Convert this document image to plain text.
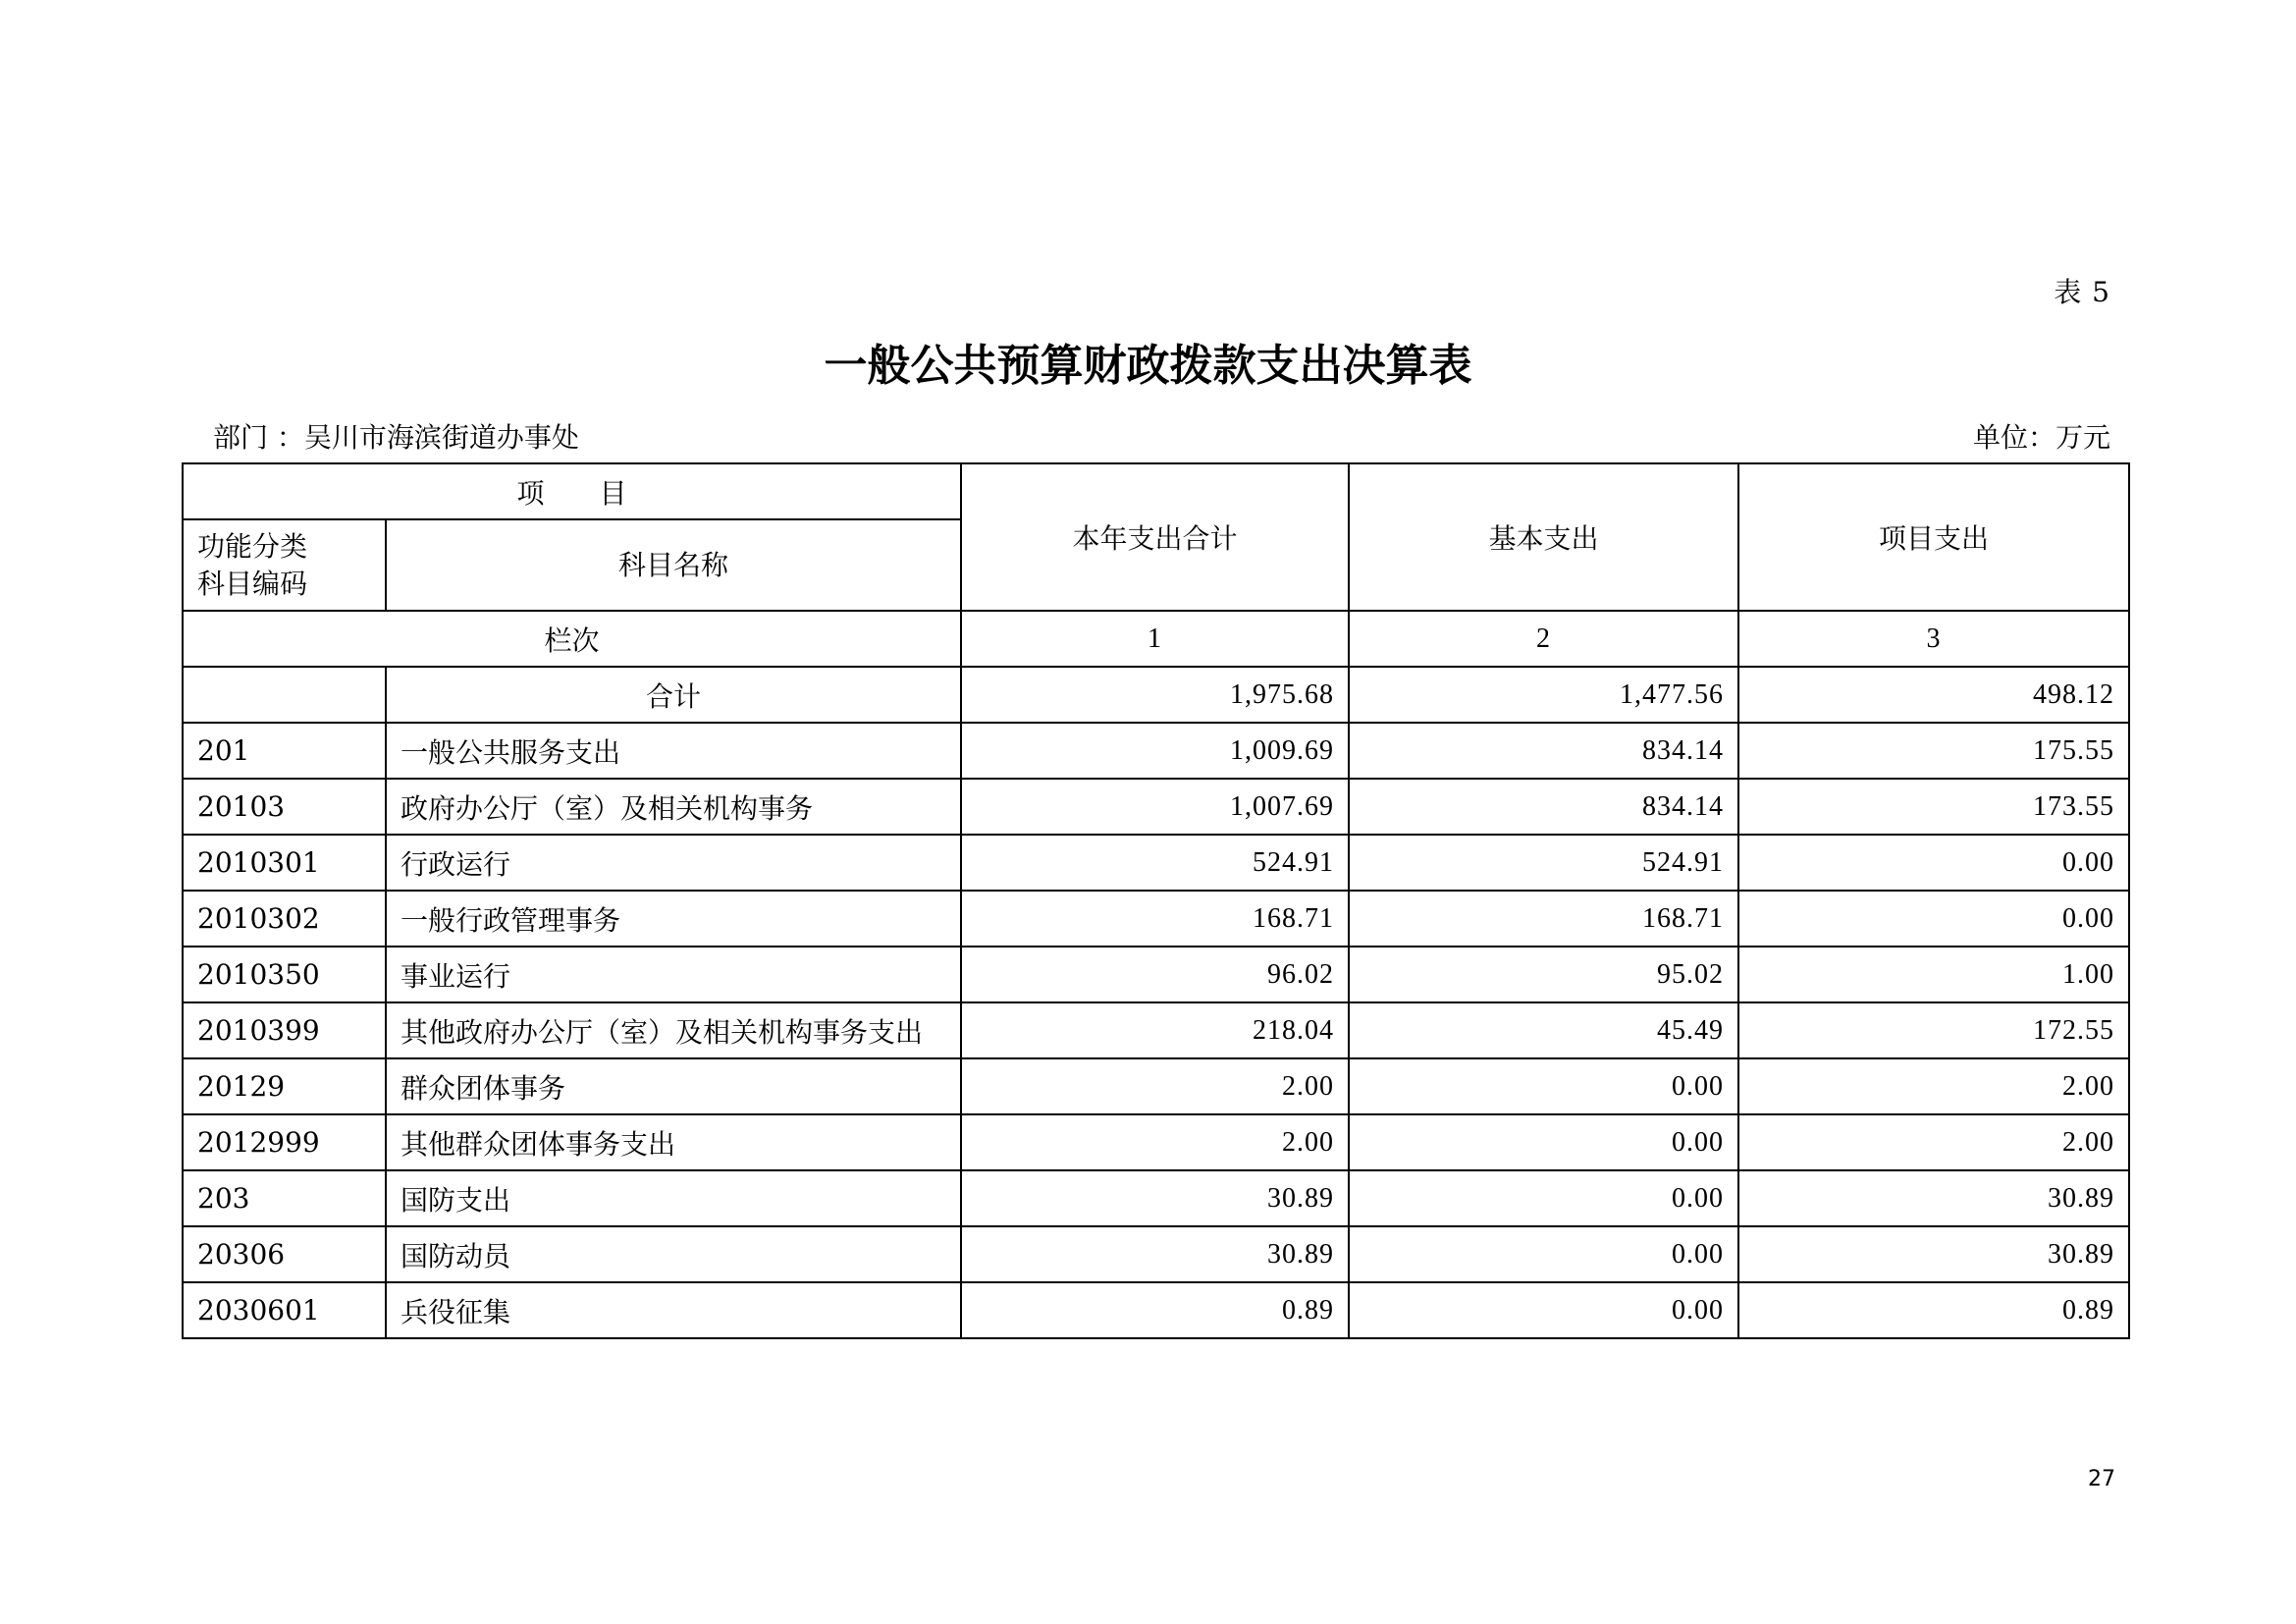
表 5
一般公共预算财政拨款支出决算表
部门 ：吴川市海滨街道办事处	单位：万元
项　　目		本年支出合计	基本支出	项目支出

功能分类
科目编码	科目名称			
栏次		1	2	3
	合计	1,975.68	1,477.56	498.12
201	一般公共服务支出	1,009.69	834.14	175.55
20103	政府办公厅（室）及相关机构事务	1,007.69	834.14	173.55
2010301	行政运行	524.91	524.91	0.00
2010302	一般行政管理事务	168.71	168.71	0.00
2010350	事业运行	96.02	95.02	1.00
2010399	其他政府办公厅（室）及相关机构事务支出	218.04	45.49	172.55
20129	群众团体事务	2.00	0.00	2.00
2012999	其他群众团体事务支出	2.00	0.00	2.00
203	国防支出	30.89	0.00	30.89
20306	国防动员	30.89	0.00	30.89
2030601	兵役征集	0.89	0.00	0.89
27
